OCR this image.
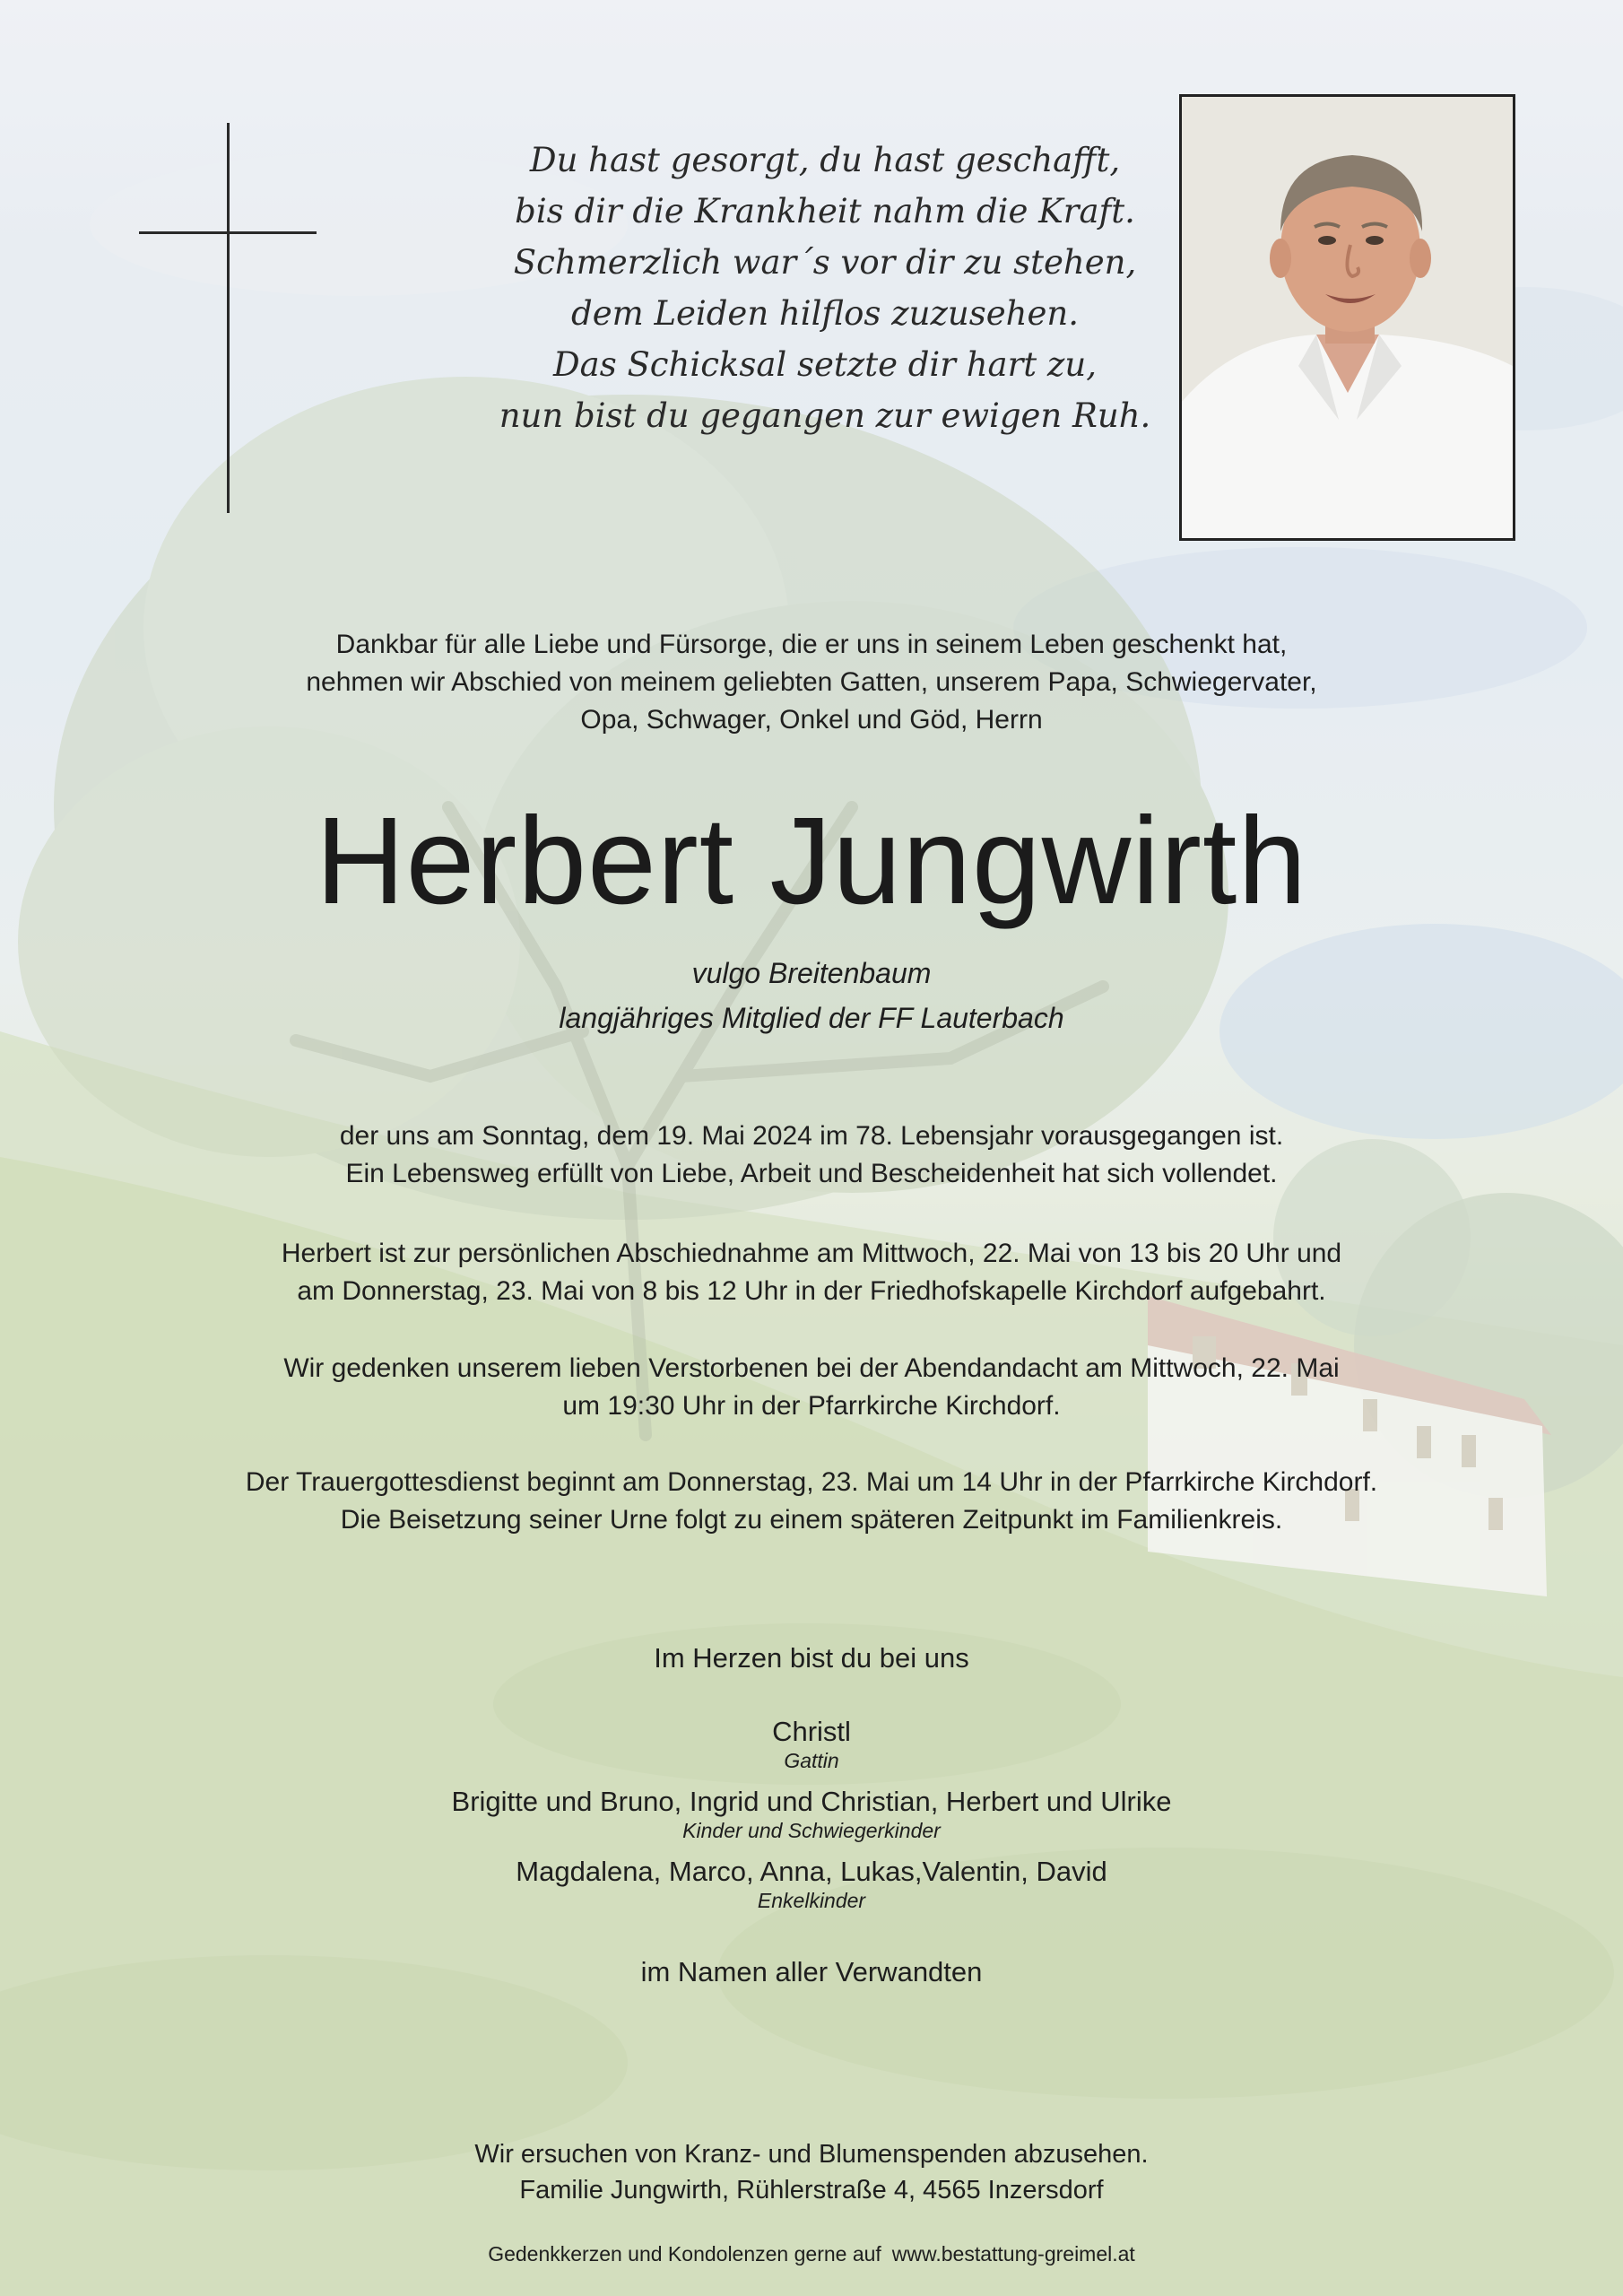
Du hast gesorgt, du hast geschafft,
bis dir die Krankheit nahm die Kraft.
Schmerzlich war´s vor dir zu stehen,
dem Leiden hilflos zuzusehen.
Das Schicksal setzte dir hart zu,
nun bist du gegangen zur ewigen Ruh.
Dankbar für alle Liebe und Fürsorge, die er uns in seinem Leben geschenkt hat,
nehmen wir Abschied von meinem geliebten Gatten, unserem Papa, Schwiegervater,
Opa, Schwager, Onkel und Göd, Herrn
Herbert Jungwirth
vulgo Breitenbaum
langjähriges Mitglied der FF Lauterbach
der uns am Sonntag, dem 19. Mai 2024 im 78. Lebensjahr vorausgegangen ist.
Ein Lebensweg erfüllt von Liebe, Arbeit und Bescheidenheit hat sich vollendet.
Herbert ist zur persönlichen Abschiednahme am Mittwoch, 22. Mai von 13 bis 20 Uhr und
am Donnerstag, 23. Mai von 8 bis 12 Uhr in der Friedhofskapelle Kirchdorf aufgebahrt.
Wir gedenken unserem lieben Verstorbenen bei der Abendandacht am Mittwoch, 22. Mai
um 19:30 Uhr in der Pfarrkirche Kirchdorf.
Der Trauergottesdienst beginnt am Donnerstag, 23. Mai um 14 Uhr in der Pfarrkirche Kirchdorf.
Die Beisetzung seiner Urne folgt zu einem späteren Zeitpunkt im Familienkreis.
Im Herzen bist du bei uns
Christl
Gattin
Brigitte und Bruno, Ingrid und Christian, Herbert und Ulrike
Kinder und Schwiegerkinder
Magdalena, Marco, Anna, Lukas,Valentin, David
Enkelkinder
im Namen aller Verwandten
Wir ersuchen von Kranz- und Blumenspenden abzusehen.
Familie Jungwirth, Rühlerstraße 4, 4565 Inzersdorf
Gedenkkerzen und Kondolenzen gerne auf www.bestattung-greimel.at
